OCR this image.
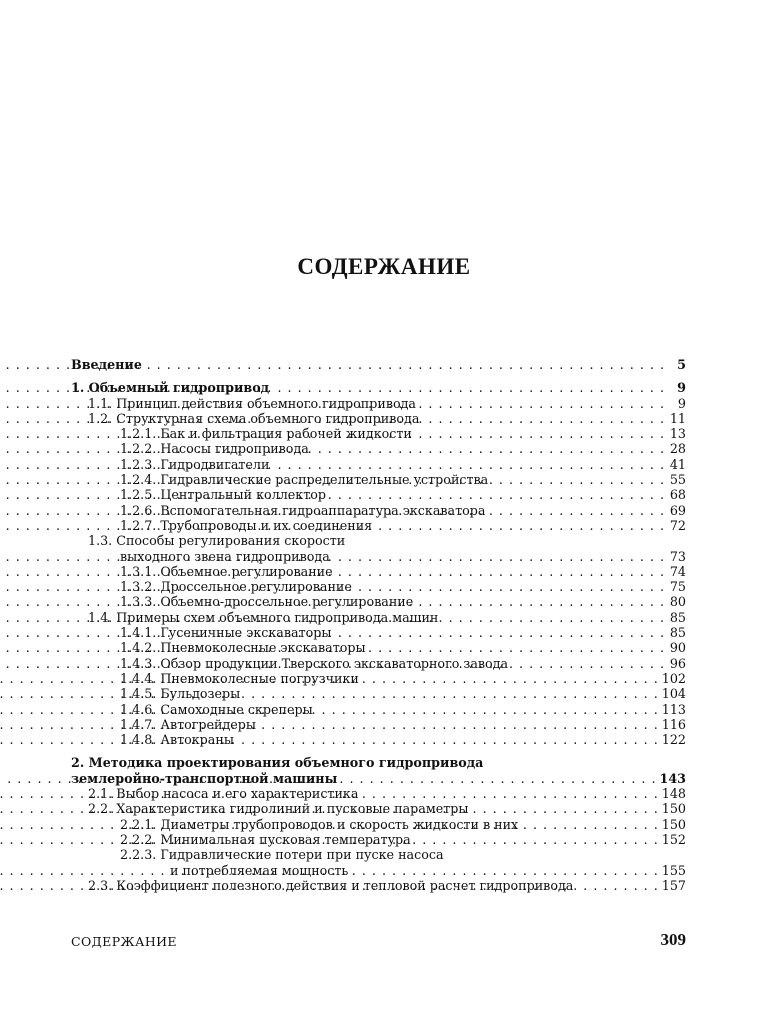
СОДЕРЖАНИЕ
Введение . . .	5
1. Объемный гидропривод . . .	9
1.1. Принцип действия объемного гидропривода . . .	9
1.2. Структурная схема объемного гидропривода . . .	11
1.2.1. Бак и фильтрация рабочей жидкости . . .	13
1.2.2. Насосы гидропривода . . .	28
1.2.3. Гидродвигатели . . .	41
1.2.4. Гидравлические распределительные устройства . . .	55
1.2.5. Центральный коллектор . . .	68
1.2.6. Вспомогательная гидроаппаратура экскаватора . . .	69
1.2.7. Трубопроводы и их соединения . . .	72
1.3. Способы регулирования скорости
выходного звена гидропривода . . .	73
1.3.1. Объемное регулирование . . .	74
1.3.2. Дроссельное регулирование . . .	75
1.3.3. Объемно-дроссельное регулирование . . .	80
1.4. Примеры схем объемного гидропривода машин . . .	85
1.4.1. Гусеничные экскаваторы . . .	85
1.4.2. Пневмоколесные экскаваторы . . .	90
1.4.3. Обзор продукции Тверского экскаваторного завода . . .	96
1.4.4. Пневмоколесные погрузчики . . .	102
1.4.5. Бульдозеры . . .	104
1.4.6. Самоходные скреперы . . .	113
1.4.7. Автогрейдеры . . .	116
1.4.8. Автокраны . . .	122
2. Методика проектирования объемного гидропривода
землеройно-транспортной машины . . .	143
2.1. Выбор насоса и его характеристика . . .	148
2.2. Характеристика гидролиний и пусковые параметры . . .	150
2.2.1. Диаметры трубопроводов и скорость жидкости в них . . .	150
2.2.2. Минимальная пусковая температура . . .	152
2.2.3. Гидравлические потери при пуске насоса
и потребляемая мощность . . .	155
2.3. Коэффициент полезного действия и тепловой расчет гидропривода . . .	157
СОДЕРЖАНИЕ	309
